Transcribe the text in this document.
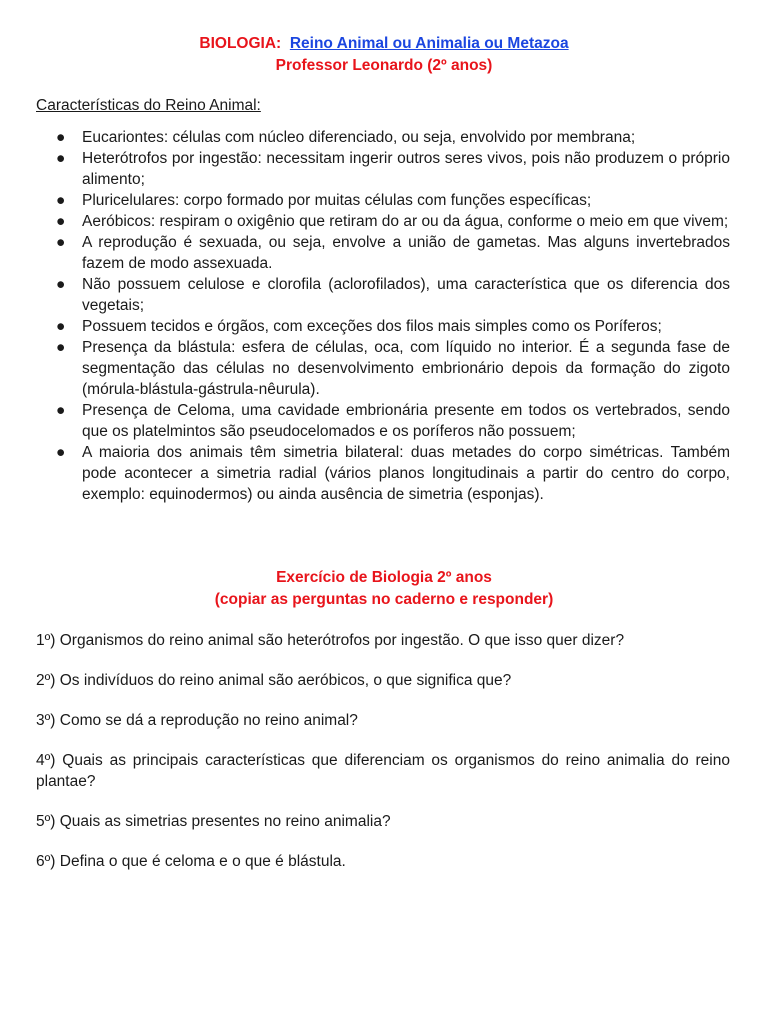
BIOLOGIA: Reino Animal ou Animalia ou Metazoa
Professor Leonardo (2º anos)
Características do Reino Animal:
● Eucariontes: células com núcleo diferenciado, ou seja, envolvido por membrana;
● Heterótrofos por ingestão: necessitam ingerir outros seres vivos, pois não produzem o próprio alimento;
● Pluricelulares: corpo formado por muitas células com funções específicas;
● Aeróbicos: respiram o oxigênio que retiram do ar ou da água, conforme o meio em que vivem;
● A reprodução é sexuada, ou seja, envolve a união de gametas. Mas alguns invertebrados fazem de modo assexuada.
● Não possuem celulose e clorofila (aclorofilados), uma característica que os diferencia dos vegetais;
● Possuem tecidos e órgãos, com exceções dos filos mais simples como os Poríferos;
● Presença da blástula: esfera de células, oca, com líquido no interior. É a segunda fase de segmentação das células no desenvolvimento embrionário depois da formação do zigoto (mórula-blástula-gástrula-nêurula).
● Presença de Celoma, uma cavidade embrionária presente em todos os vertebrados, sendo que os platelmintos são pseudocelomados e os poríferos não possuem;
● A maioria dos animais têm simetria bilateral: duas metades do corpo simétricas. Também pode acontecer a simetria radial (vários planos longitudinais a partir do centro do corpo, exemplo: equinodermos) ou ainda ausência de simetria (esponjas).
Exercício de Biologia 2º anos
(copiar as perguntas no caderno e responder)

1º) Organismos do reino animal são heterótrofos por ingestão. O que isso quer dizer?

2º) Os indivíduos do reino animal são aeróbicos, o que significa que?

3º) Como se dá a reprodução no reino animal?

4º) Quais as principais características que diferenciam os organismos do reino animalia do reino plantae?

5º) Quais as simetrias presentes no reino animalia?

6º) Defina o que é celoma e o que é blástula.
